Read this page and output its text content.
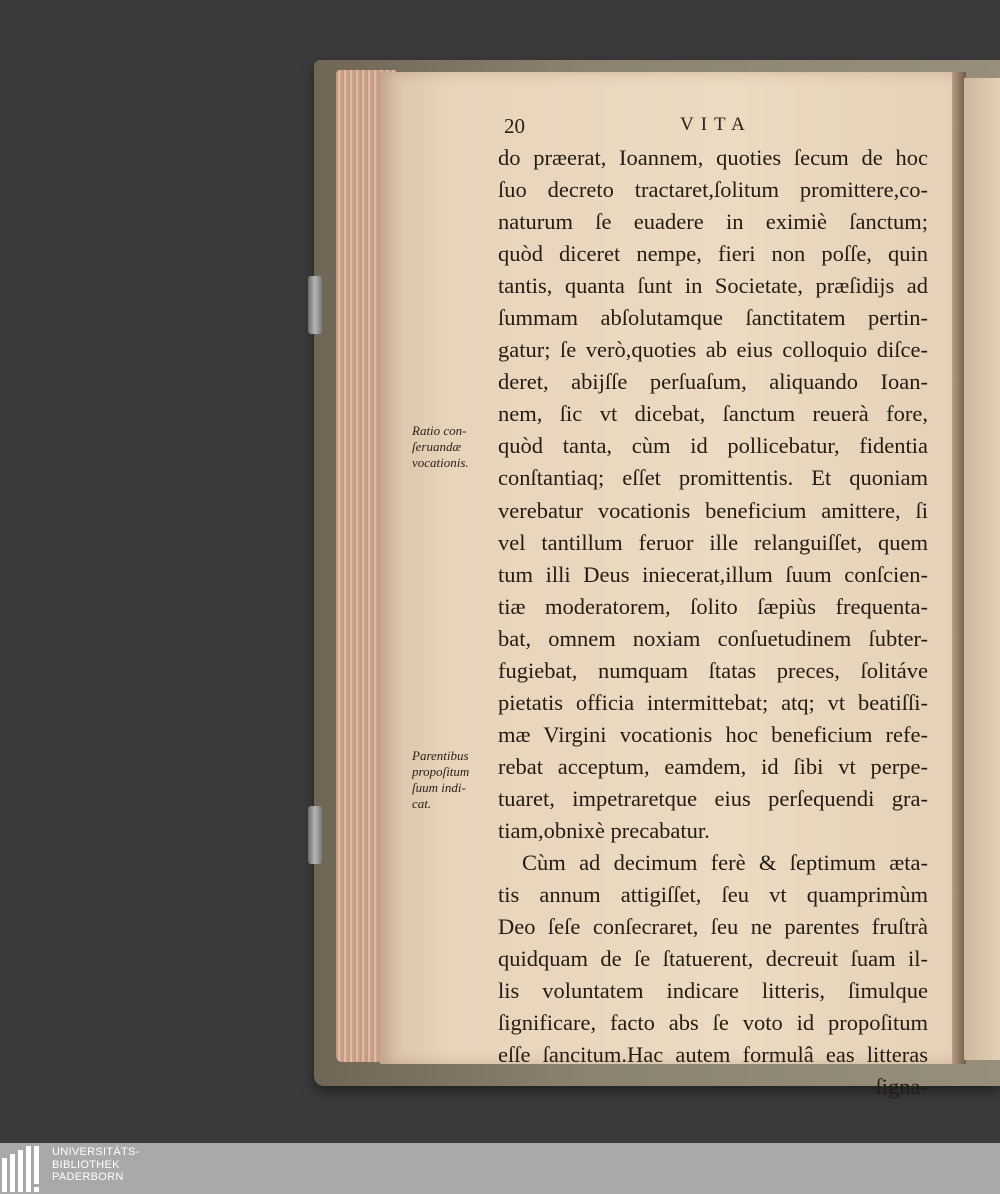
20	VITA
Ratio con-
ſeruandæ
vocationis.
Parentibus
propoſitum
ſuum indi-
cat.
do præerat, Ioannem, quoties ſecum de hoc
ſuo decreto tractaret,ſolitum promittere,co-
naturum ſe euadere in eximiè ſanctum;
quòd diceret nempe, fieri non poſſe, quin
tantis, quanta ſunt in Societate, præſidijs ad
ſummam abſolutamque ſanctitatem pertin-
gatur; ſe verò,quoties ab eius colloquio diſce-
deret, abijſſe perſuaſum, aliquando Ioan-
nem, ſic vt dicebat, ſanctum reuerà fore,
quòd tanta, cùm id pollicebatur, fidentia
conſtantiaq; eſſet promittentis. Et quoniam
verebatur vocationis beneficium amittere, ſi
vel tantillum feruor ille relanguiſſet, quem
tum illi Deus iniecerat,illum ſuum conſcien-
tiæ moderatorem, ſolito ſæpiùs frequenta-
bat, omnem noxiam conſuetudinem ſubter-
fugiebat, numquam ſtatas preces, ſolitáve
pietatis officia intermittebat; atq; vt beatiſſi-
mæ Virgini vocationis hoc beneficium refe-
rebat acceptum, eamdem, id ſibi vt perpe-
tuaret, impetraretque eius perſequendi gra-
tiam,obnixè precabatur.
Cùm ad decimum ferè & ſeptimum æta-
tis annum attigiſſet, ſeu vt quamprimùm
Deo ſeſe conſecraret, ſeu ne parentes fruſtrà
quidquam de ſe ſtatuerent, decreuit ſuam il-
lis voluntatem indicare litteris, ſimulque
ſignificare, facto abs ſe voto id propoſitum
eſſe ſancitum.Hac autem formulâ eas litteras
ſigna-
UNIVERSITÄTS-
BIBLIOTHEK
PADERBORN
